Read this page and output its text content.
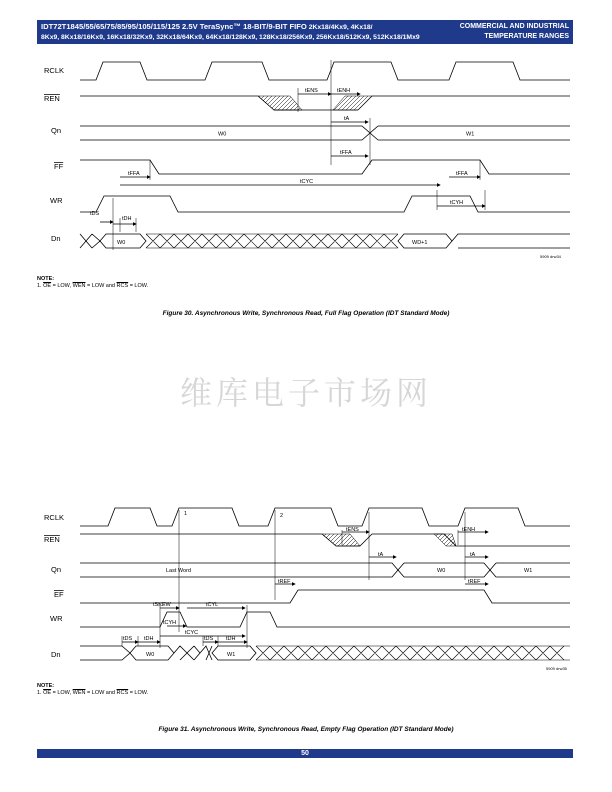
IDT72T1845/55/65/75/85/95/105/115/125 2.5V TeraSync™ 18-BIT/9-BIT FIFO 2Kx18/4Kx9, 4Kx18/
8Kx9, 8Kx18/16Kx9, 16Kx18/32Kx9, 32Kx18/64Kx9, 64Kx18/128Kx9, 128Kx18/256Kx9, 256Kx18/512Kx9, 512Kx18/1Mx9
COMMERCIAL AND INDUSTRIAL
TEMPERATURE RANGES
RCLK
REN
Qn
FF
WR
Dn
W0	W1
W0	WD+1
tENS	tENH
tA
tFFA
tFFA
tCYC
tFFA
tCYH
tDS
tDH
5909 drw34
NOTE:
1. $\overline{OE}$ = LOW, $\overline{WEN}$ = LOW and $\overline{RCS}$ = LOW.
Figure 30. Asynchronous Write, Synchronous Read, Full Flag Operation (IDT Standard Mode)
维库电子市场网
RCLK
REN
Qn
EF
WR
Dn
1	2
Last Word	W0	W1
W0	W1
tENS	tENH
tA	tA
tREF	tREF
tSKEW	tCYL
tCYH
tCYC
tDS tDH	tDS tDH
5909 drw35
NOTE:
1. $\overline{OE}$ = LOW, $\overline{WEN}$ = LOW and $\overline{RCS}$ = LOW.
Figure 31. Asynchronous Write, Synchronous Read, Empty Flag Operation (IDT Standard Mode)
50
